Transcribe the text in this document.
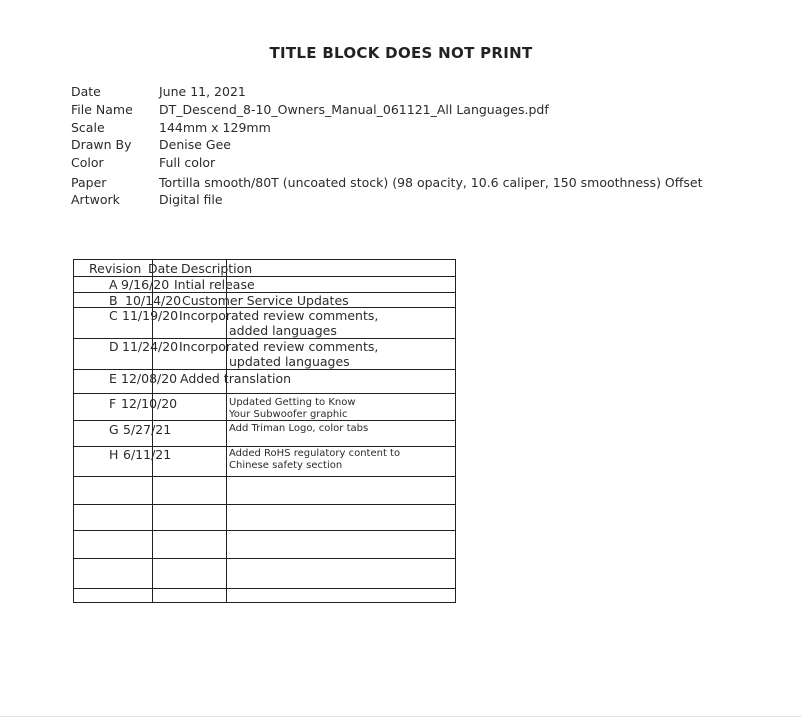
TITLE BLOCK DOES NOT PRINT
Date	June 11, 2021
File Name	DT_Descend_8-10_Owners_Manual_061121_All Languages.pdf
Scale	144mm x 129mm
Drawn By	Denise Gee
Color	Full color
Paper	Tortilla smooth/80T (uncoated stock) (98 opacity, 10.6 caliper, 150 smoothness) Offset
Artwork	Digital file
Revision Date Description
A 9/16/20 Intial release
B 10/14/20 Customer Service Updates
C 11/19/20 Incorporated review comments,
added languages
D 11/24/20 Incorporated review comments,
updated languages
E 12/08/20 Added translation
F 12/10/20	Updated Getting to Know
Your Subwoofer graphic
G 5/27/21	Add Triman Logo, color tabs
H 6/11/21	Added RoHS regulatory content to
Chinese safety section
